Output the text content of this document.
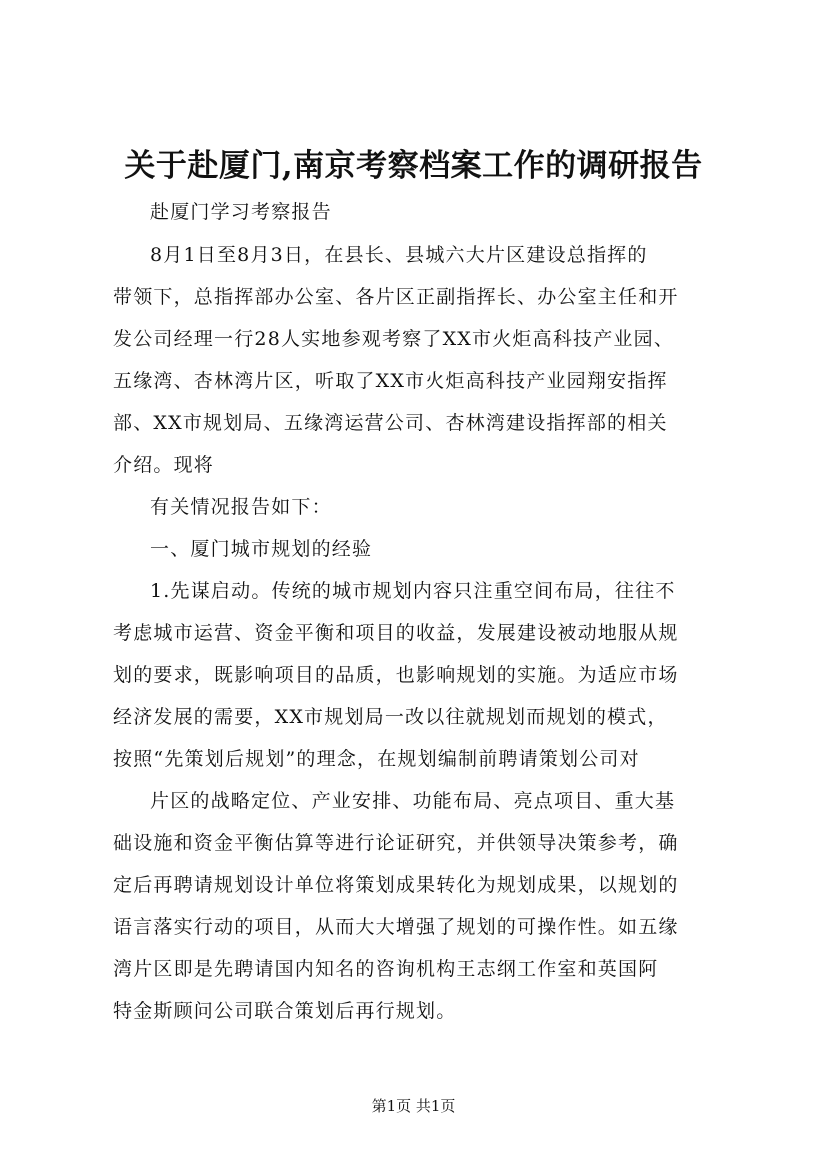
关于赴厦门,南京考察档案工作的调研报告
赴厦门学习考察报告
8月1日至8月3日，在县长、县城六大片区建设总指挥的
带领下，总指挥部办公室、各片区正副指挥长、办公室主任和开
发公司经理一行28人实地参观考察了XX市火炬高科技产业园、
五缘湾、杏林湾片区，听取了XX市火炬高科技产业园翔安指挥
部、XX市规划局、五缘湾运营公司、杏林湾建设指挥部的相关
介绍。现将
有关情况报告如下：
一、厦门城市规划的经验
1.先谋启动。传统的城市规划内容只注重空间布局，往往不
考虑城市运营、资金平衡和项目的收益，发展建设被动地服从规
划的要求，既影响项目的品质，也影响规划的实施。为适应市场
经济发展的需要，XX市规划局一改以往就规划而规划的模式，
按照“先策划后规划”的理念，在规划编制前聘请策划公司对
片区的战略定位、产业安排、功能布局、亮点项目、重大基
础设施和资金平衡估算等进行论证研究，并供领导决策参考，确
定后再聘请规划设计单位将策划成果转化为规划成果，以规划的
语言落实行动的项目，从而大大增强了规划的可操作性。如五缘
湾片区即是先聘请国内知名的咨询机构王志纲工作室和英国阿
特金斯顾问公司联合策划后再行规划。
第1页 共1页
